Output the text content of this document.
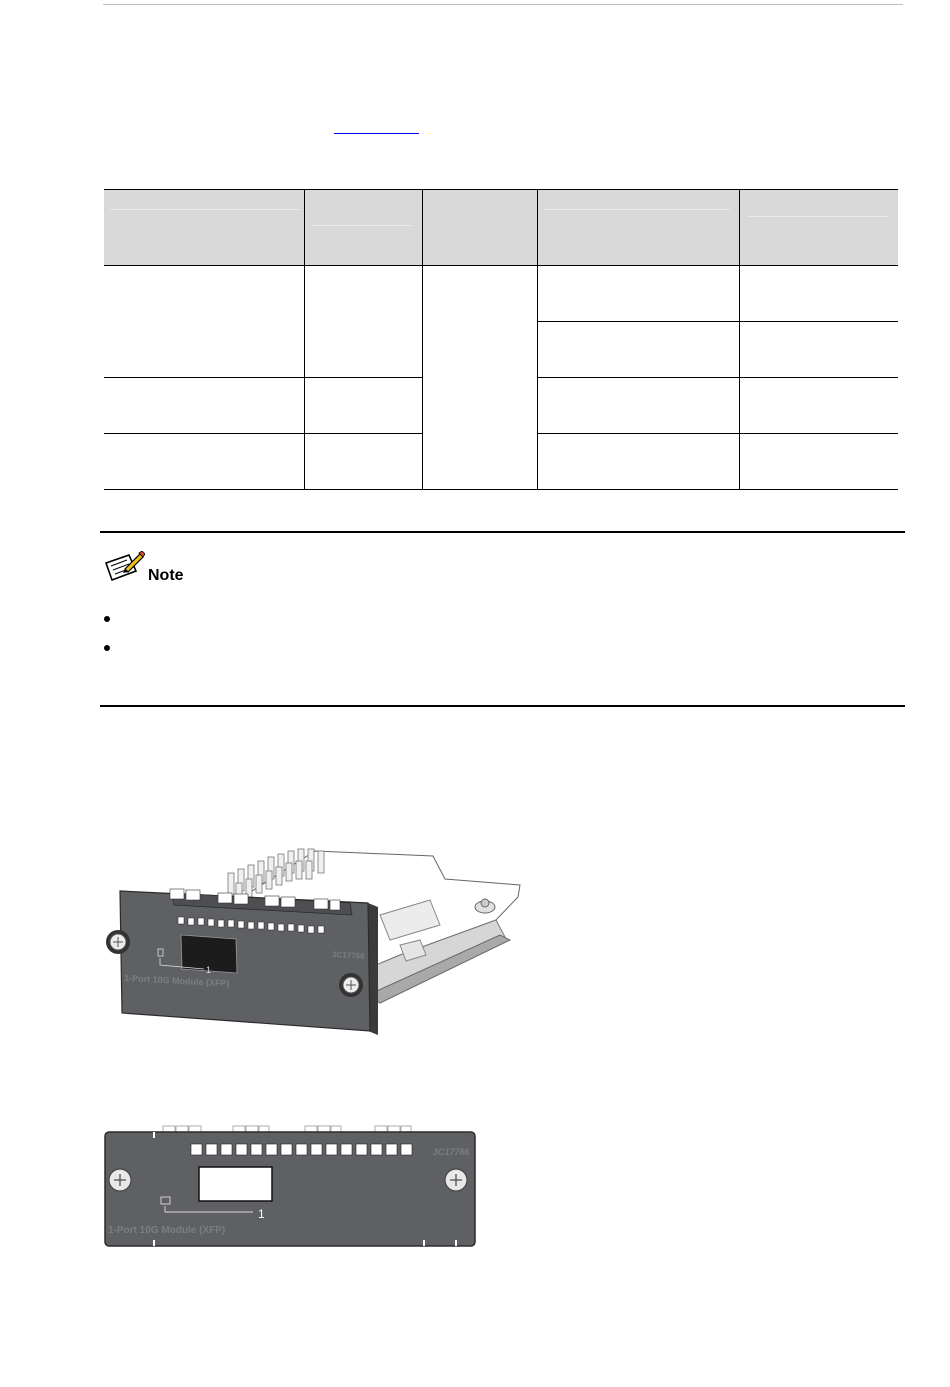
Note
1
1-Port 10G Module (XFP)
3C17766
1
3C17766
1-Port 10G Module (XFP)
